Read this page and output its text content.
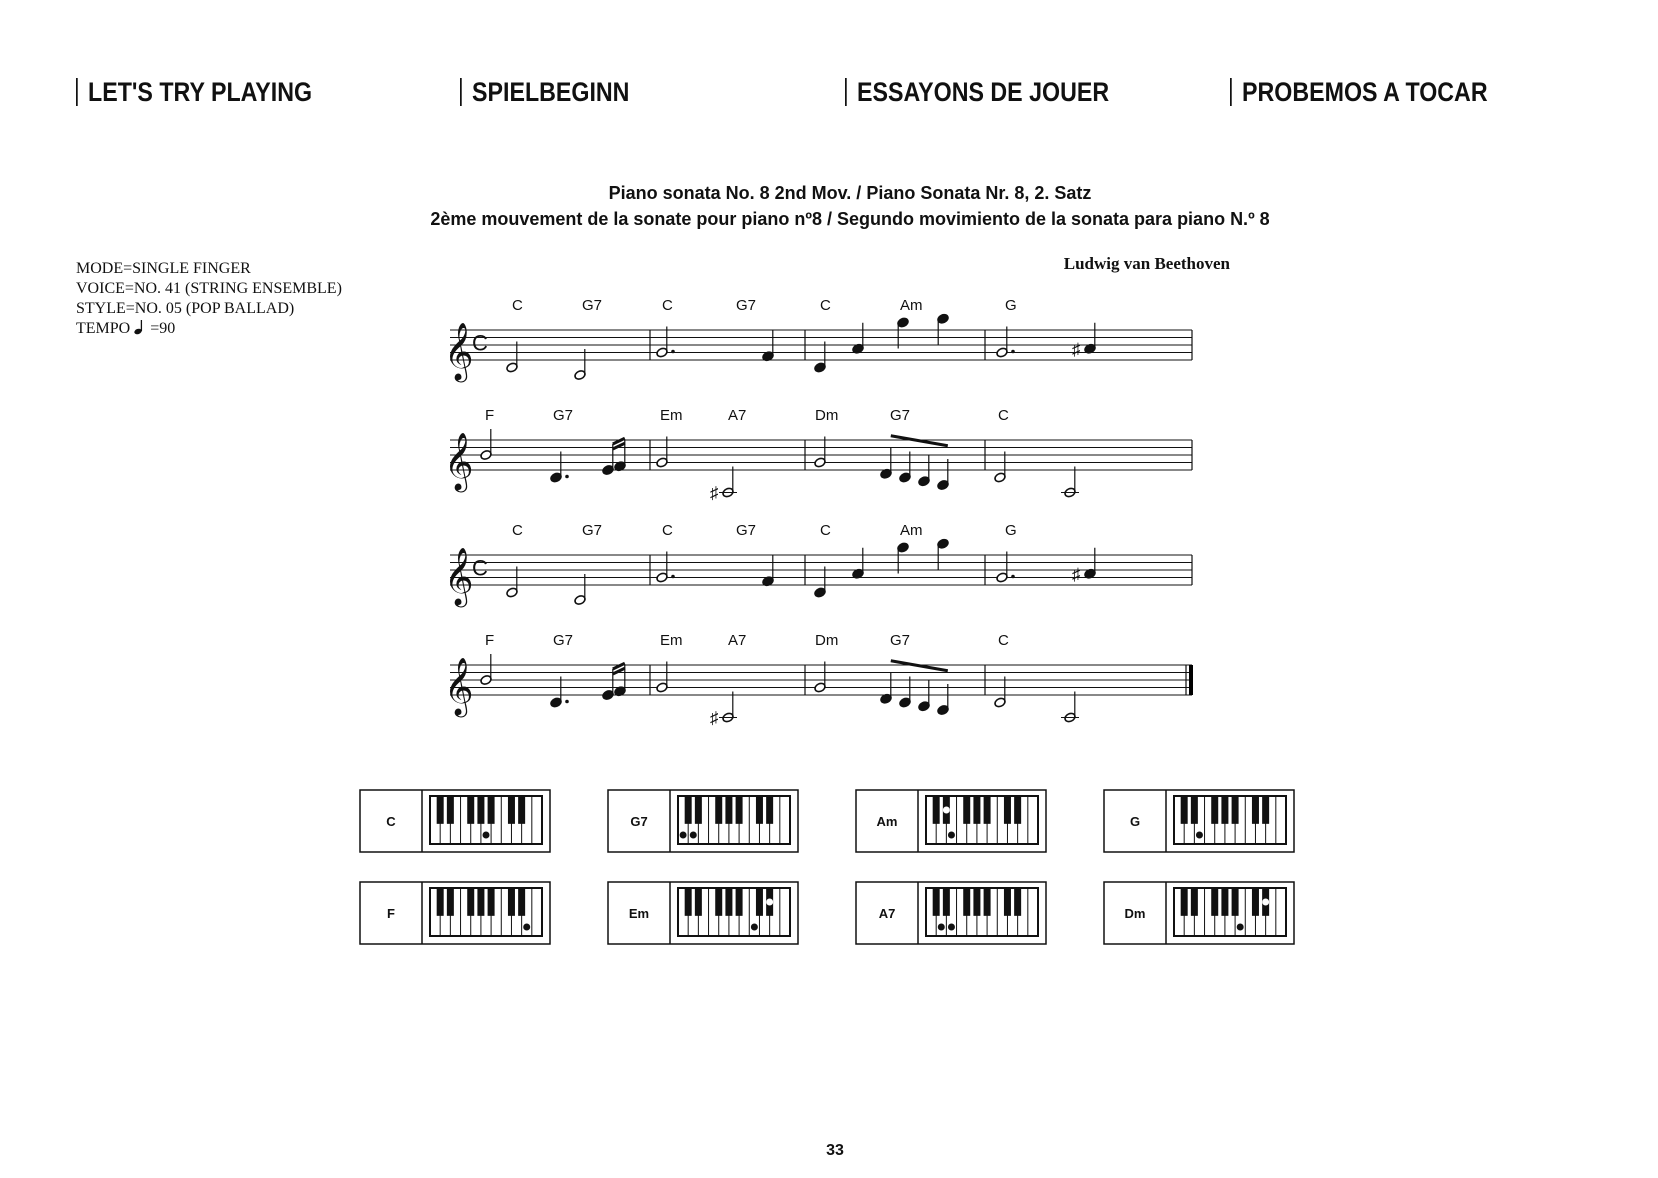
LET'S TRY PLAYING	SPIELBEGINN	ESSAYONS DE JOUER	PROBEMOS A TOCAR
Piano sonata No. 8 2nd Mov. / Piano Sonata Nr. 8, 2. Satz
2ème mouvement de la sonate pour piano nº8 / Segundo movimiento de la sonata para piano N.º 8
Ludwig van Beethoven
MODE=SINGLE FINGER
VOICE=NO. 41 (STRING ENSEMBLE)
STYLE=NO. 05 (POP BALLAD)
TEMPO =90	𝄞
C
C	G7	C	G7	C	Am	G
♯
𝄞
F	G7	Em	A7	Dm	G7	C
♯
𝄞
C
C	G7	C	G7	C	Am	G
♯
𝄞
F	G7	Em	A7	Dm	G7	C
♯
C	G7	Am	G
F	Em	A7	Dm
33
